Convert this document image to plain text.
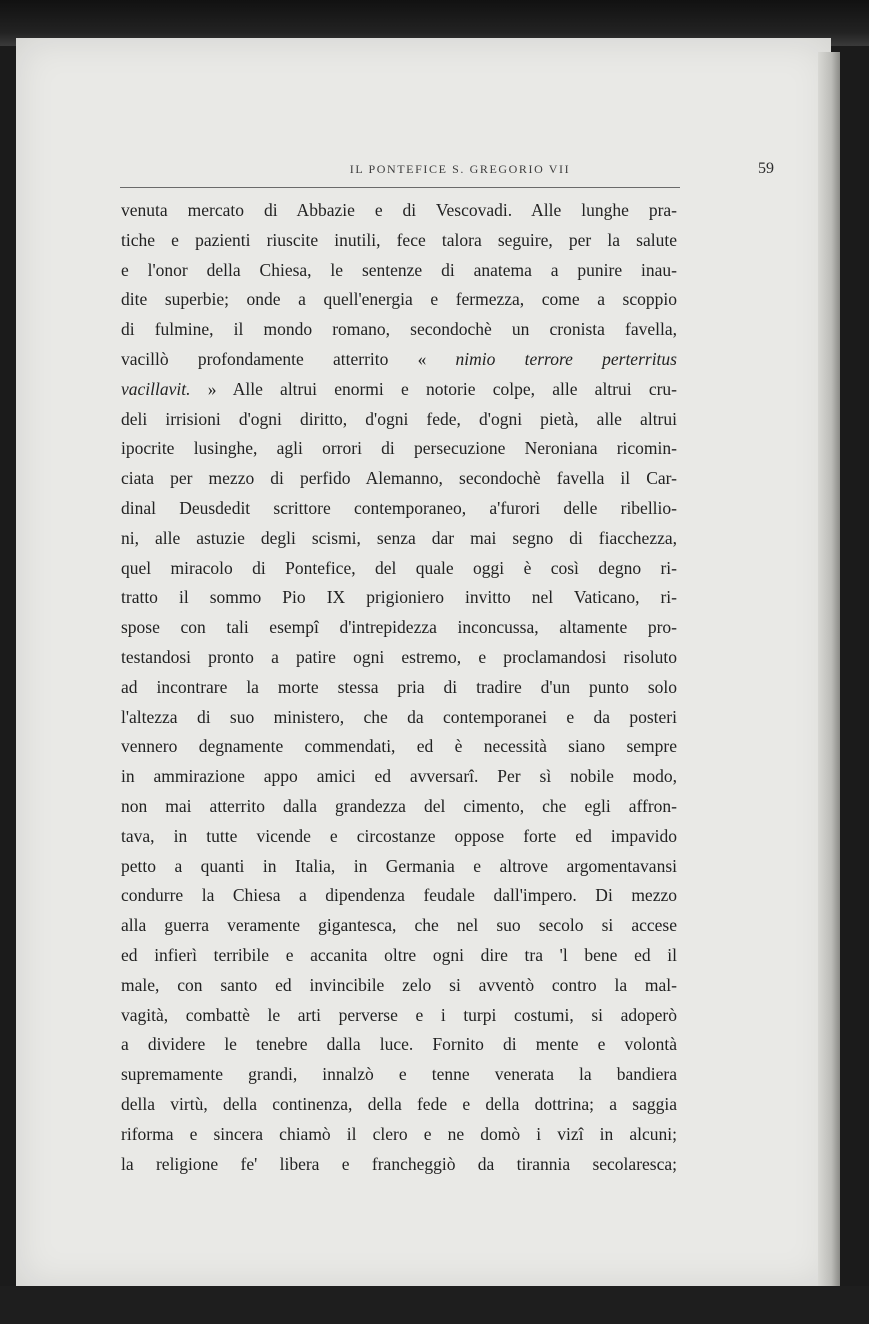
IL PONTEFICE S. GREGORIO VII	59
venuta mercato di Abbazie e di Vescovadi. Alle lunghe pra-
tiche e pazienti riuscite inutili, fece talora seguire, per la salute
e l'onor della Chiesa, le sentenze di anatema a punire inau-
dite superbie; onde a quell'energia e fermezza, come a scoppio
di fulmine, il mondo romano, secondochè un cronista favella,
vacillò profondamente atterrito « nimio terrore perterritus
vacillavit. » Alle altrui enormi e notorie colpe, alle altrui cru-
deli irrisioni d'ogni diritto, d'ogni fede, d'ogni pietà, alle altrui
ipocrite lusinghe, agli orrori di persecuzione Neroniana ricomin-
ciata per mezzo di perfido Alemanno, secondochè favella il Car-
dinal Deusdedit scrittore contemporaneo, a'furori delle ribellio-
ni, alle astuzie degli scismi, senza dar mai segno di fiacchezza,
quel miracolo di Pontefice, del quale oggi è così degno ri-
tratto il sommo Pio IX prigioniero invitto nel Vaticano, ri-
spose con tali esempî d'intrepidezza inconcussa, altamente pro-
testandosi pronto a patire ogni estremo, e proclamandosi risoluto
ad incontrare la morte stessa pria di tradire d'un punto solo
l'altezza di suo ministero, che da contemporanei e da posteri
vennero degnamente commendati, ed è necessità siano sempre
in ammirazione appo amici ed avversarî. Per sì nobile modo,
non mai atterrito dalla grandezza del cimento, che egli affron-
tava, in tutte vicende e circostanze oppose forte ed impavido
petto a quanti in Italia, in Germania e altrove argomentavansi
condurre la Chiesa a dipendenza feudale dall'impero. Di mezzo
alla guerra veramente gigantesca, che nel suo secolo si accese
ed infierì terribile e accanita oltre ogni dire tra 'l bene ed il
male, con santo ed invincibile zelo si avventò contro la mal-
vagità, combattè le arti perverse e i turpi costumi, si adoperò
a dividere le tenebre dalla luce. Fornito di mente e volontà
supremamente grandi, innalzò e tenne venerata la bandiera
della virtù, della continenza, della fede e della dottrina; a saggia
riforma e sincera chiamò il clero e ne domò i vizî in alcuni;
la religione fe' libera e francheggiò da tirannia secolaresca;
